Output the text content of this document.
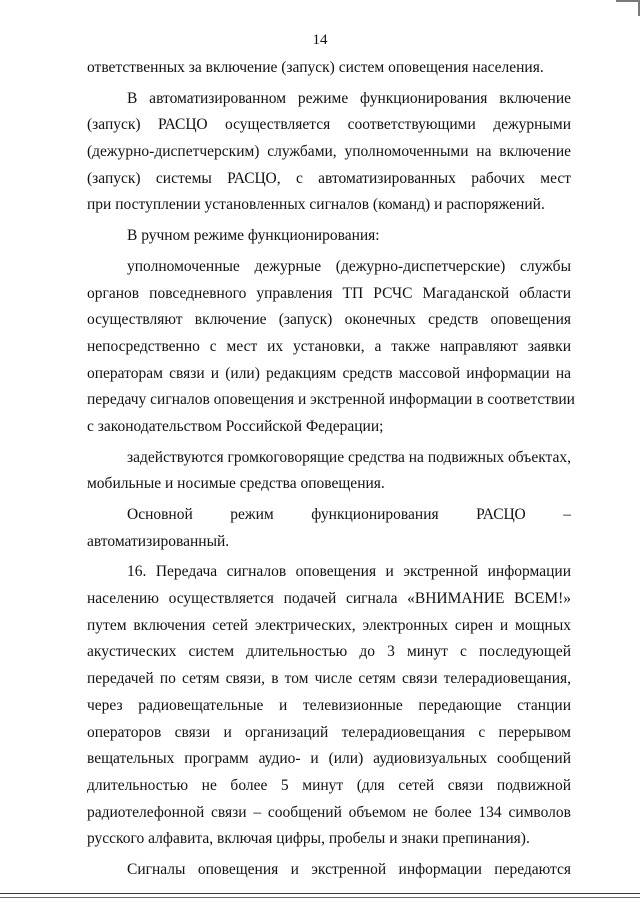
14
ответственных за включение (запуск) систем оповещения населения.
В автоматизированном режиме функционирования включение
(запуск) РАСЦО осуществляется соответствующими дежурными
(дежурно-диспетчерским) службами, уполномоченными на включение
(запуск) системы РАСЦО, с автоматизированных рабочих мест
при поступлении установленных сигналов (команд) и распоряжений.
В ручном режиме функционирования:
уполномоченные дежурные (дежурно-диспетчерские) службы
органов повседневного управления ТП РСЧС Магаданской области
осуществляют включение (запуск) оконечных средств оповещения
непосредственно с мест их установки, а также направляют заявки
операторам связи и (или) редакциям средств массовой информации на
передачу сигналов оповещения и экстренной информации в соответствии
с законодательством Российской Федерации;
задействуются громкоговорящие средства на подвижных объектах,
мобильные и носимые средства оповещения.
Основной режим функционирования РАСЦО –
автоматизированный.
16. Передача сигналов оповещения и экстренной информации
населению осуществляется подачей сигнала «ВНИМАНИЕ ВСЕМ!»
путем включения сетей электрических, электронных сирен и мощных
акустических систем длительностью до 3 минут с последующей
передачей по сетям связи, в том числе сетям связи телерадиовещания,
через радиовещательные и телевизионные передающие станции
операторов связи и организаций телерадиовещания с перерывом
вещательных программ аудио- и (или) аудиовизуальных сообщений
длительностью не более 5 минут (для сетей связи подвижной
радиотелефонной связи – сообщений объемом не более 134 символов
русского алфавита, включая цифры, пробелы и знаки препинания).
Сигналы оповещения и экстренной информации передаются
